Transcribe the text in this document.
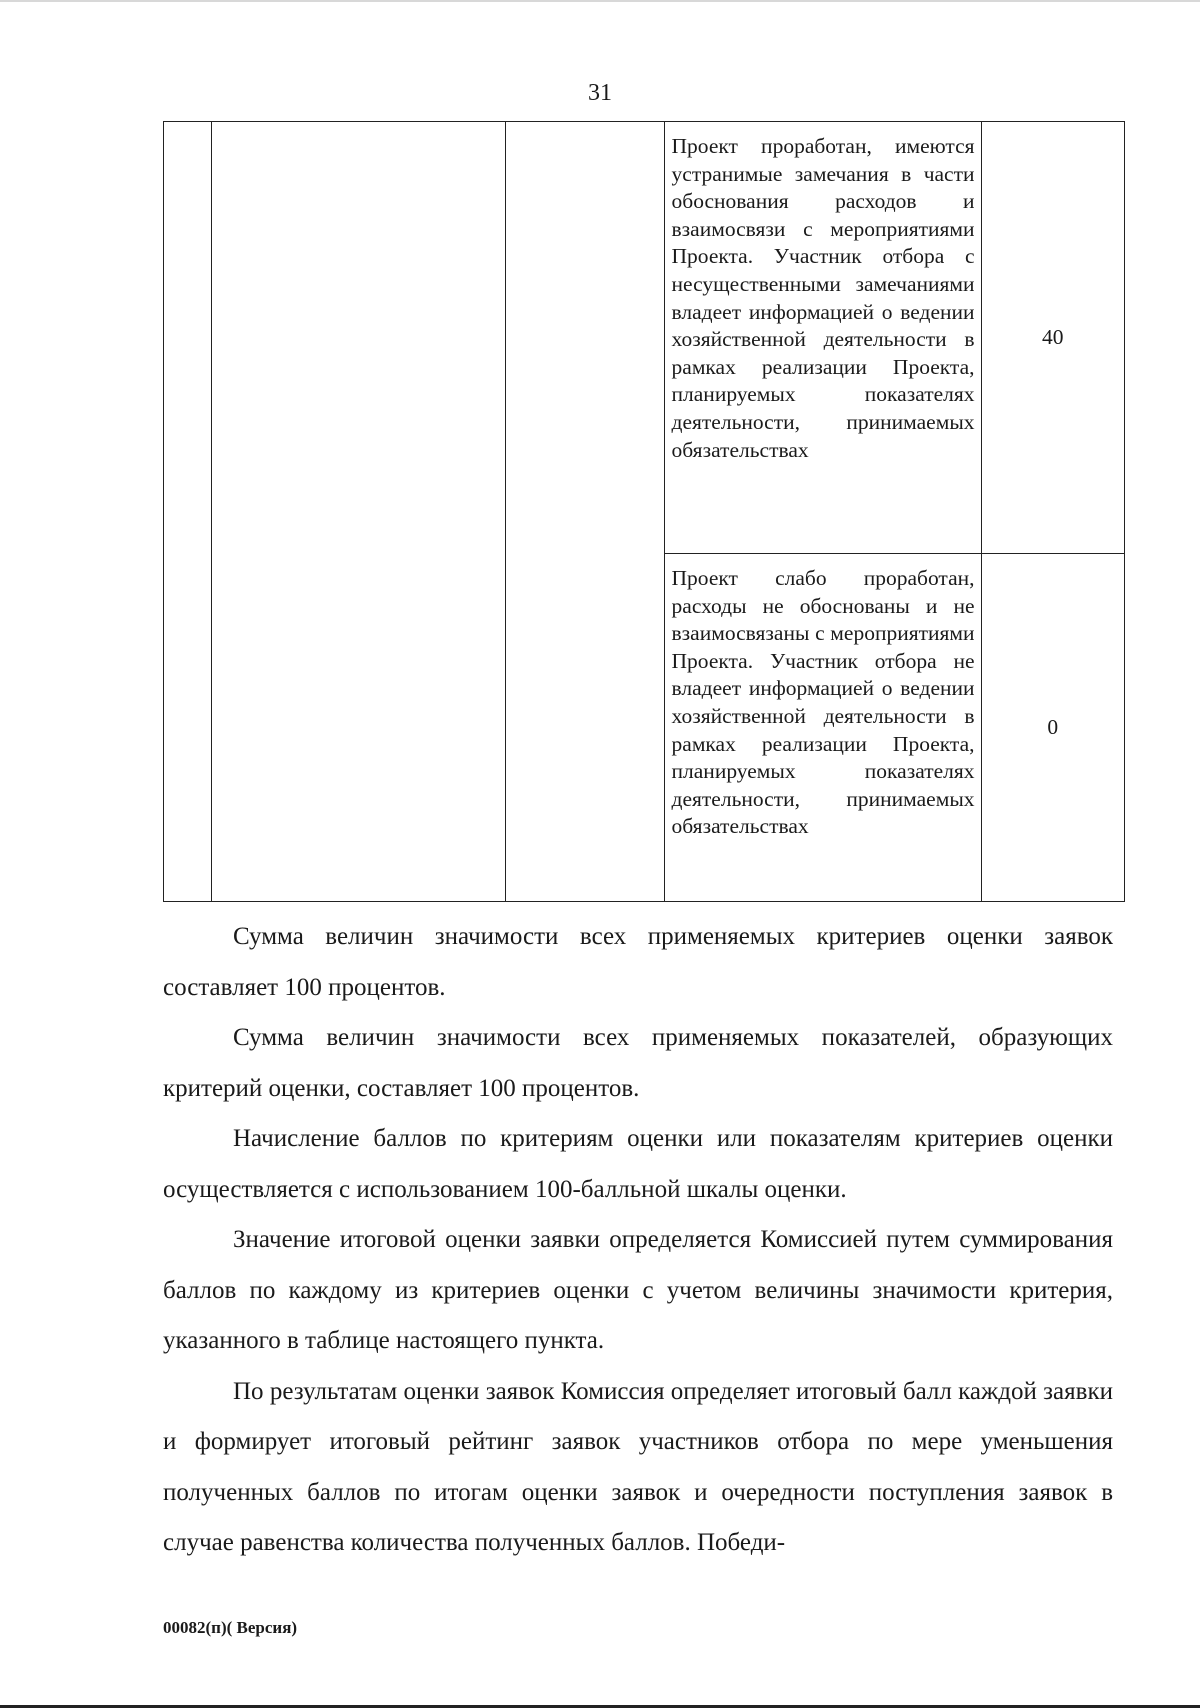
31
			Проект проработан, имеются устранимые замечания в части обоснования расходов и взаимосвязи с мероприятиями Проекта. Участник отбора с несущественными замечаниями владеет информацией о ведении хозяйственной деятельности в рамках реализации Проекта, планируемых показателях деятельности, принимаемых обязательствах	40
			Проект слабо проработан, расходы не обоснованы и не взаимосвязаны с мероприятиями Проекта. Участник отбора не владеет информацией о ведении хозяйственной деятельности в рамках реализации Проекта, планируемых показателях деятельности, принимаемых обязательствах	0

Сумма величин значимости всех применяемых критериев оценки заявок составляет 100 процентов.

Сумма величин значимости всех применяемых показателей, образующих критерий оценки, составляет 100 процентов.

Начисление баллов по критериям оценки или показателям критериев оценки осуществляется с использованием 100-балльной шкалы оценки.

Значение итоговой оценки заявки определяется Комиссией путем суммирования баллов по каждому из критериев оценки с учетом величины значимости критерия, указанного в таблице настоящего пункта.

По результатам оценки заявок Комиссия определяет итоговый балл каждой заявки и формирует итоговый рейтинг заявок участников отбора по мере уменьшения полученных баллов по итогам оценки заявок и очередности поступления заявок в случае равенства количества полученных баллов. Победи-

00082(п)( Версия)
